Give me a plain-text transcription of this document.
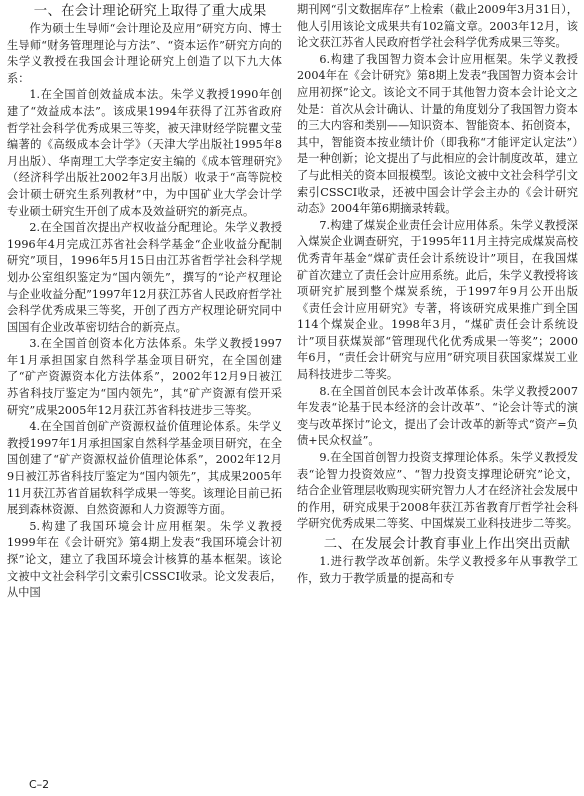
一、在会计理论研究上取得了重大成果

作为硕士生导师“会计理论及应用”研究方向、博士生导师“财务管理理论与方法”、“资本运作”研究方向的朱学义教授在我国会计理论研究上创造了以下九大体系：

1.在全国首创效益成本法。朱学义教授1990年创建了“效益成本法”。该成果1994年获得了江苏省政府哲学社会科学优秀成果三等奖，被天津财经学院瞿文莹编著的《高级成本会计学》（天津大学出版社1995年8月出版）、华南理工大学李定安主编的《成本管理研究》（经济科学出版社2002年3月出版）收录于“高等院校会计硕士研究生系列教材”中，为中国矿业大学会计学专业硕士研究生开创了成本及效益研究的新亮点。

2.在全国首次提出产权收益分配理论。朱学义教授1996年4月完成江苏省社会科学基金“企业收益分配制研究”项目，1996年5月15日由江苏省哲学社会科学规划办公室组织鉴定为“国内领先”，撰写的“论产权理论与企业收益分配”1997年12月获江苏省人民政府哲学社会科学优秀成果三等奖，开创了西方产权理论研究同中国国有企业改革密切结合的新亮点。

3.在全国首创资本化方法体系。朱学义教授1997年1月承担国家自然科学基金项目研究，在全国创建了“矿产资源资本化方法体系”，2002年12月9日被江苏省科技厅鉴定为“国内领先”，其“矿产资源有偿开采研究”成果2005年12月获江苏省科技进步三等奖。

4.在全国首创矿产资源权益价值理论体系。朱学义教授1997年1月承担国家自然科学基金项目研究，在全国创建了“矿产资源权益价值理论体系”，2002年12月9日被江苏省科技厅鉴定为“国内领先”，其成果2005年11月获江苏省首届软科学成果一等奖。该理论目前已拓展到森林资源、自然资源和人力资源等方面。

5.构建了我国环境会计应用框架。朱学义教授1999年在《会计研究》第4期上发表“我国环境会计初探”论文，建立了我国环境会计核算的基本框架。该论文被中文社会科学引文索引CSSCI收录。论文发表后，从中国

期刊网“引文数据库存”上检索（截止2009年3月31日），他人引用该论文成果共有102篇文章。2003年12月，该论文获江苏省人民政府哲学社会科学优秀成果三等奖。

6.构建了我国智力资本会计应用框架。朱学义教授2004年在《会计研究》第8期上发表“我国智力资本会计应用初探”论文。该论文不同于其他智力资本会计论文之处是：首次从会计确认、计量的角度划分了我国智力资本的三大内容和类别——知识资本、智能资本、拓创资本，其中，智能资本按业绩计价（即我称“才能评定认定法”）是一种创新；论文提出了与此相应的会计制度改革，建立了与此相关的资本回报模型。该论文被中文社会科学引文索引CSSCI收录，还被中国会计学会主办的《会计研究动态》2004年第6期摘录转载。

7.构建了煤炭企业责任会计应用体系。朱学义教授深入煤炭企业调查研究，于1995年11月主持完成煤炭高校优秀青年基金“煤矿责任会计系统设计”项目，在我国煤矿首次建立了责任会计应用系统。此后，朱学义教授将该项研究扩展到整个煤炭系统，于1997年9月公开出版《责任会计应用研究》专著，将该研究成果推广到全国114个煤炭企业。1998年3月，“煤矿责任会计系统设计”项目获煤炭部“管理现代化优秀成果一等奖”；2000年6月，“责任会计研究与应用”研究项目获国家煤炭工业局科技进步二等奖。

8.在全国首创民本会计改革体系。朱学义教授2007年发表“论基于民本经济的会计改革”、“论会计等式的演变与改革探讨”论文，提出了会计改革的新等式“资产=负债+民众权益”。

9.在全国首创智力投资支撑理论体系。朱学义教授发表“论智力投资效应”、“智力投资支撑理论研究”论文，结合企业管理层收购现实研究智力人才在经济社会发展中的作用，研究成果于2008年获江苏省教育厅哲学社会科学研究优秀成果二等奖、中国煤炭工业科技进步二等奖。

二、在发展会计教育事业上作出突出贡献

1.进行教学改革创新。朱学义教授多年从事教学工作，致力于教学质量的提高和专

C–2
